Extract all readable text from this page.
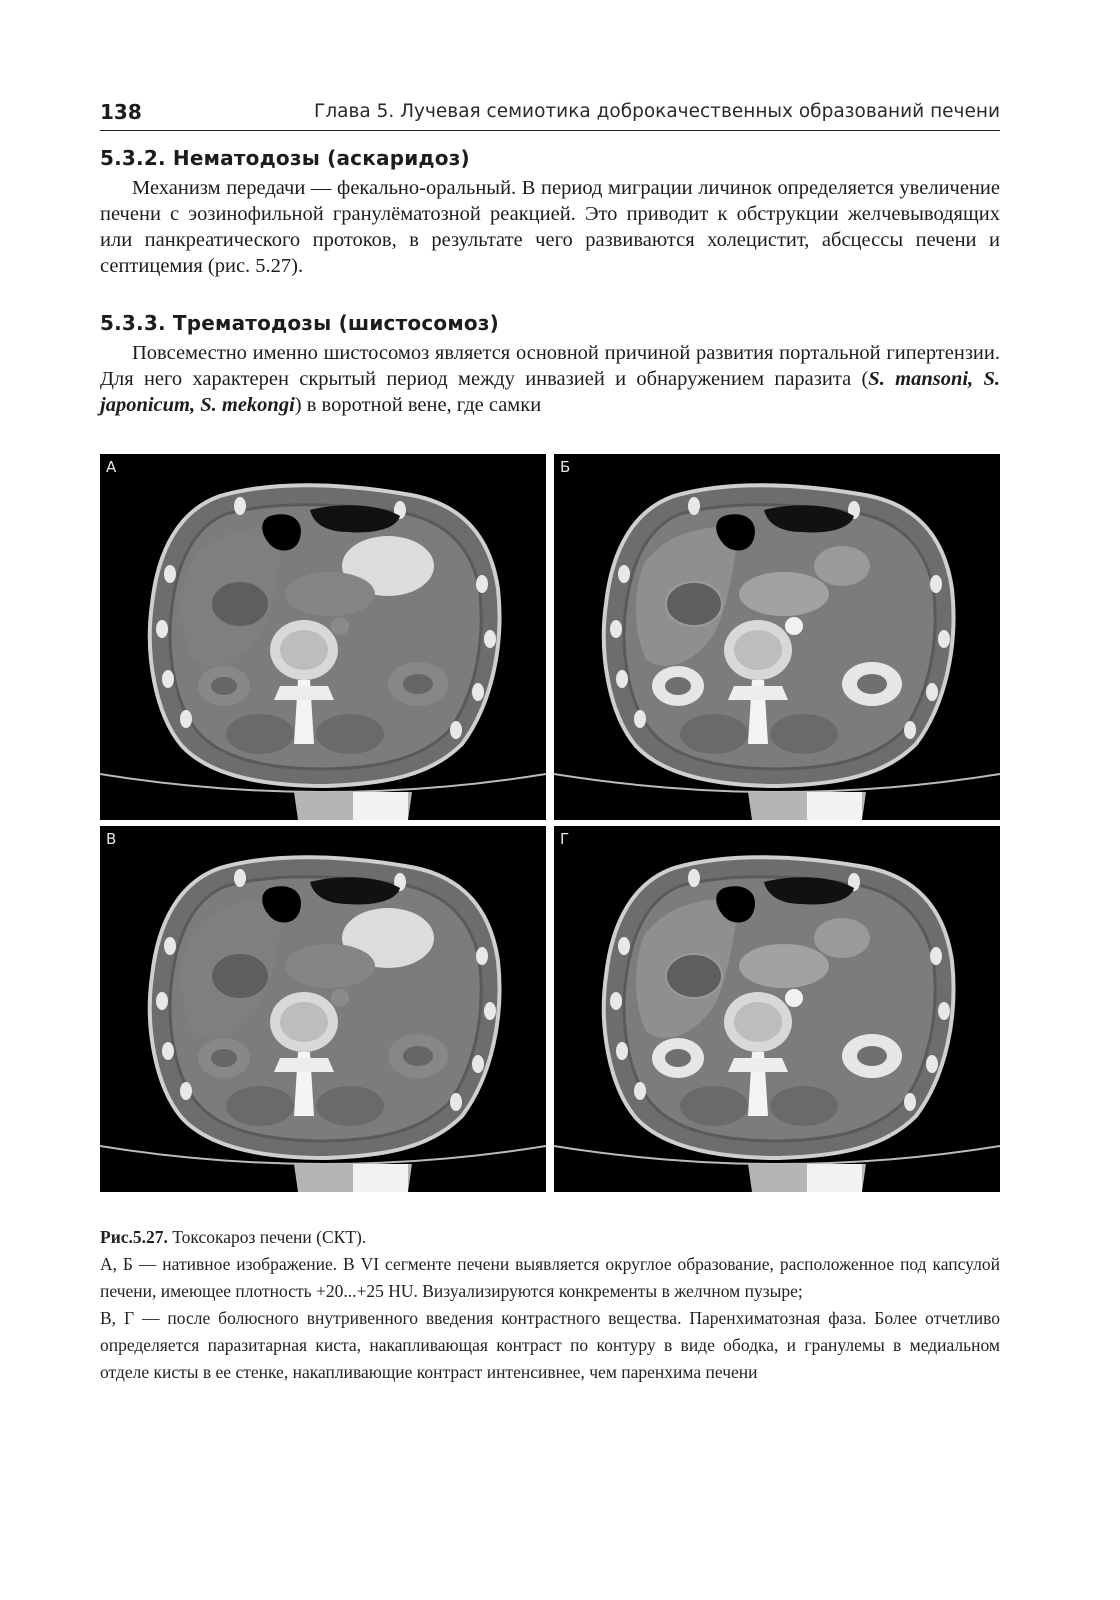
138	Глава 5. Лучевая семиотика доброкачественных образований печени
5.3.2. Нематодозы (аскаридоз)

Механизм передачи — фекально-оральный. В период миграции личинок определяется увеличение печени с эозинофильной гранулёматозной реакцией. Это приводит к обструкции желчевыводящих или панкреатического протоков, в результате чего развиваются холецистит, абсцессы печени и септицемия (рис. 5.27).

5.3.3. Трематодозы (шистосомоз)

Повсеместно именно шистосомоз является основной причиной развития портальной гипертензии. Для него характерен скрытый период между инвазией и обнаружением паразита (S. mansoni, S. japonicum, S. mekongi) в воротной вене, где самки

А	Б
В	Г
Рис.5.27. Токсокароз печени (СКТ).
А, Б — нативное изображение. В VI сегменте печени выявляется округлое образование, расположенное под капсулой печени, имеющее плотность +20...+25 HU. Визуализируются конкременты в желчном пузыре;
В, Г — после болюсного внутривенного введения контрастного вещества. Паренхиматозная фаза. Более отчетливо определяется паразитарная киста, накапливающая контраст по контуру в виде ободка, и гранулемы в медиальном отделе кисты в ее стенке, накапливающие контраст интенсивнее, чем паренхима печени
